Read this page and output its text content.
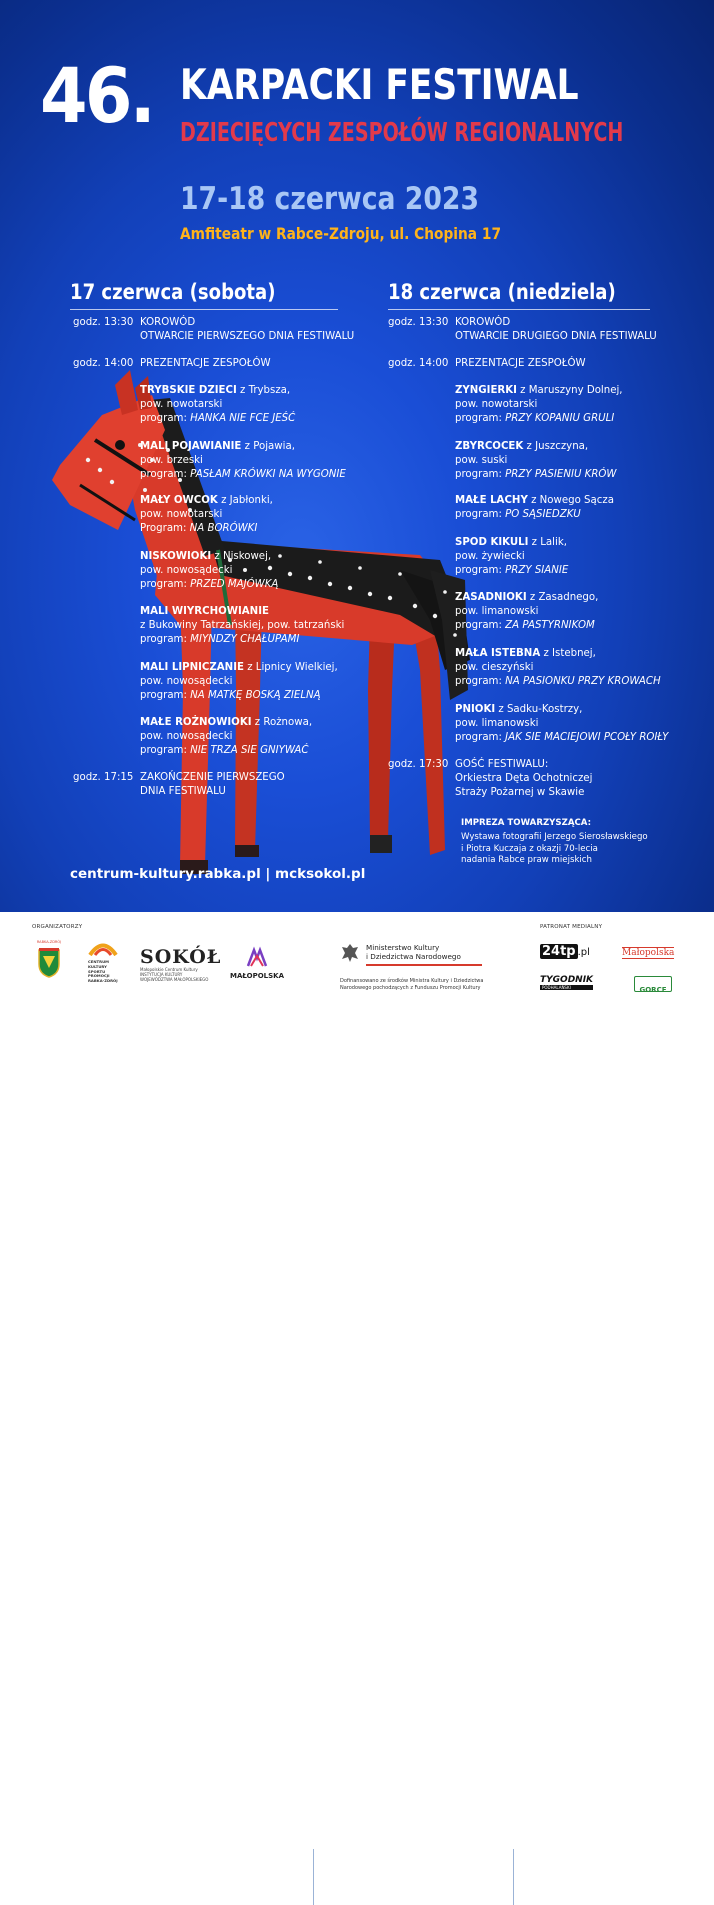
46. KARPACKI FESTIWAL
DZIECIĘCYCH ZESPOŁÓW REGIONALNYCH
17-18 czerwca 2023
Amfiteatr w Rabce-Zdroju, ul. Chopina 17
17 czerwca (sobota)
godz. 13:30 KOROWÓD
OTWARCIE PIERWSZEGO DNIA FESTIWALU
godz. 14:00 PREZENTACJE ZESPOŁÓW
TRYBSKIE DZIECI z Trybsza,
pow. nowotarski
program: HANKA NIE FCE JEŚĆ
MALI POJAWIANIE z Pojawia,
pow. brzeski
program: PASŁAM KRÓWKI NA WYGONIE
MAŁY OWCOK z Jabłonki,
pow. nowotarski
Program: NA BORÓWKI
NISKOWIOKI z Niskowej,
pow. nowosądecki
program: PRZED MAJÓWKĄ
MALI WIYRCHOWIANIE
z Bukowiny Tatrzańskiej, pow. tatrzański
program: MIYNDZY CHAŁUPAMI
MALI LIPNICZANIE z Lipnicy Wielkiej,
pow. nowosądecki
program: NA MATKĘ BOSKĄ ZIELNĄ
MAŁE ROŻNOWIOKI z Rożnowa,
pow. nowosądecki
program: NIE TRZA SIE GNIYWAĆ
godz. 17:15 ZAKOŃCZENIE PIERWSZEGO
DNIA FESTIWALU
18 czerwca (niedziela)
godz. 13:30 KOROWÓD
OTWARCIE DRUGIEGO DNIA FESTIWALU
godz. 14:00 PREZENTACJE ZESPOŁÓW
ZYNGIERKI z Maruszyny Dolnej,
pow. nowotarski
program: PRZY KOPANIU GRULI
ZBYRCOCEK z Juszczyna,
pow. suski
program: PRZY PASIENIU KRÓW
MAŁE LACHY z Nowego Sącza
program: PO SĄSIEDZKU
SPOD KIKULI z Lalik,
pow. żywiecki
program: PRZY SIANIE
ZASADNIOKI z Zasadnego,
pow. limanowski
program: ZA PASTYRNIKOM
MAŁA ISTEBNA z Istebnej,
pow. cieszyński
program: NA PASIONKU PRZY KROWACH
PNIOKI z Sadku-Kostrzy,
pow. limanowski
program: JAK SIE MACIEJOWI PCOŁY ROIŁY
godz. 17:30 GOŚĆ FESTIWALU:
Orkiestra Dęta Ochotniczej
Straży Pożarnej w Skawie
IMPREZA TOWARZYSZĄCA:
Wystawa fotografii Jerzego Sierosławskiego
i Piotra Kuczaja z okazji 70-lecia
nadania Rabce praw miejskich
centrum-kultury.rabka.pl | mcksokol.pl
ORGANIZATORZY	PATRONAT MEDIALNY
RABKA-ZDRÓJ
CENTRUM
KULTURY
SPORTU
PROMOCJI
RABKA-ZDRÓJ
SOKÓŁ
Małopolskie Centrum Kultury
INSTYTUCJA KULTURY
WOJEWÓDZTWA MAŁOPOLSKIEGO	MAŁOPOLSKA
Ministerstwo Kultury
i Dziedzictwa Narodowego
Dofinansowano ze środków Ministra Kultury i Dziedzictwa
Narodowego pochodzących z Funduszu Promocji Kultury
24tp .pl	Małopolska
TYGODNIK
PODHALAŃSKI	GORCE
